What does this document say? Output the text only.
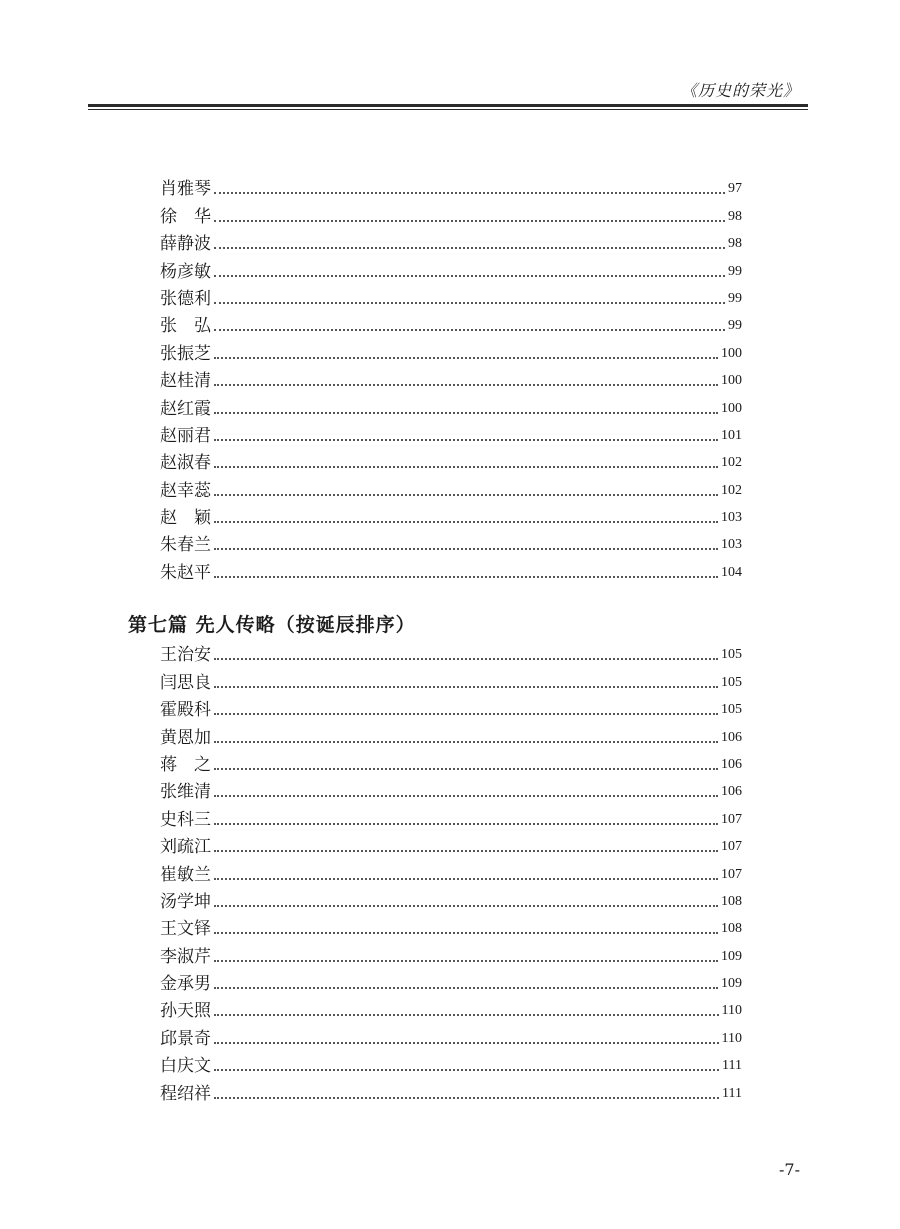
《历史的荣光》
肖雅琴	97
徐　华	98
薛静波	98
杨彦敏	99
张德利	99
张　弘	99
张振芝	100
赵桂清	100
赵红霞	100
赵丽君	101
赵淑春	102
赵幸蕊	102
赵　颖	103
朱春兰	103
朱赵平	104
第七篇 先人传略（按诞辰排序）
王治安	105
闫思良	105
霍殿科	105
黄恩加	106
蒋　之	106
张维清	106
史科三	107
刘疏江	107
崔敏兰	107
汤学坤	108
王文铎	108
李淑芹	109
金承男	109
孙天照	110
邱景奇	110
白庆文	111
程绍祥	111
-7-
